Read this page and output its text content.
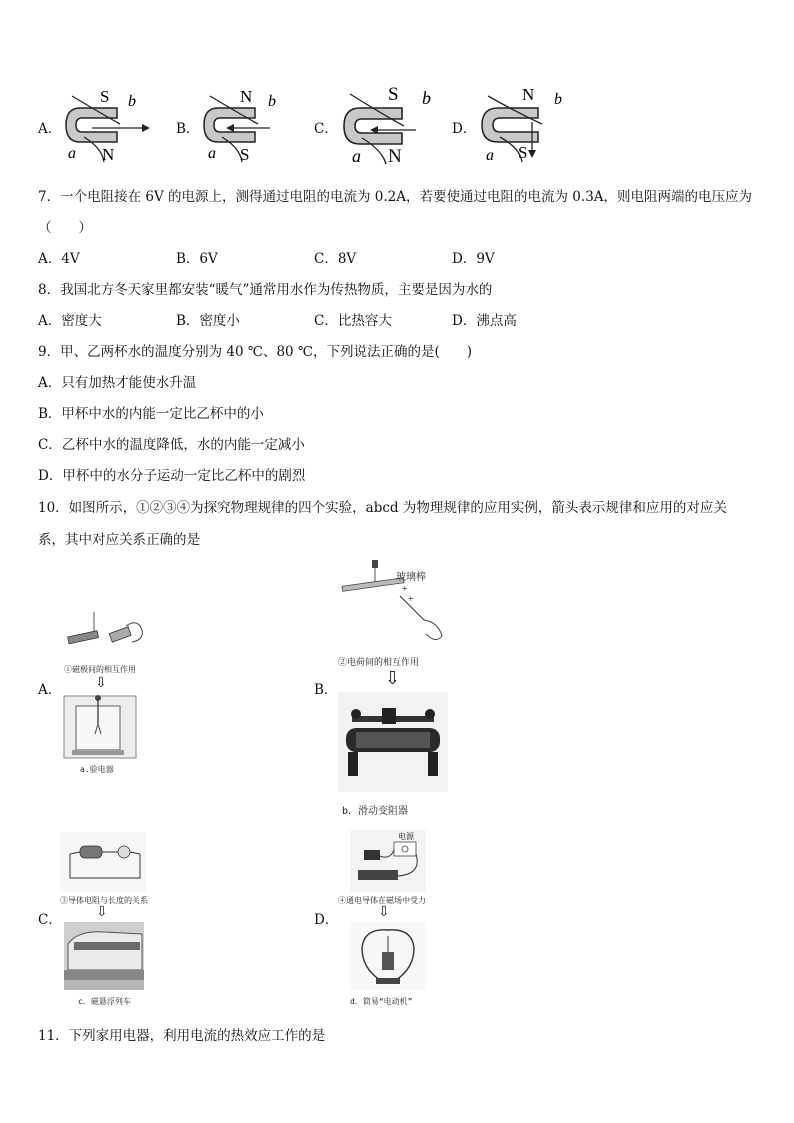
A．
S
N
a
b
B．
N
S
a
b
C．
S
N
a
b
D．
N
S
a
b
7．一个电阻接在 6V 的电源上，测得通过电阻的电流为 0.2A，若要使通过电阻的电流为 0.3A，则电阻两端的电压应为
（　　）
A．4V	B．6V	C．8V	D．9V
8．我国北方冬天家里都安装“暖气”通常用水作为传热物质，主要是因为水的
A．密度大	B．密度小	C．比热容大	D．沸点高
9．甲、乙两杯水的温度分别为 40 ℃、80 ℃，下列说法正确的是(　　)
A．只有加热才能使水升温
B．甲杯中水的内能一定比乙杯中的小
C．乙杯中水的温度降低，水的内能一定减小
D．甲杯中的水分子运动一定比乙杯中的剧烈
10．如图所示，①②③④为探究物理规律的四个实验，abcd 为物理规律的应用实例，箭头表示规律和应用的对应关
系，其中对应关系正确的是
A．
①磁极间的相互作用
⇩
a.验电器
B．
玻璃棒
+
+
②电荷间的相互作用
⇩
b．滑动变阻器
C．
③导体电阻与长度的关系
⇩
c．磁悬浮列车
D．
电源
④通电导体在磁场中受力
⇩
d．简易“电动机”
11．下列家用电器，利用电流的热效应工作的是
